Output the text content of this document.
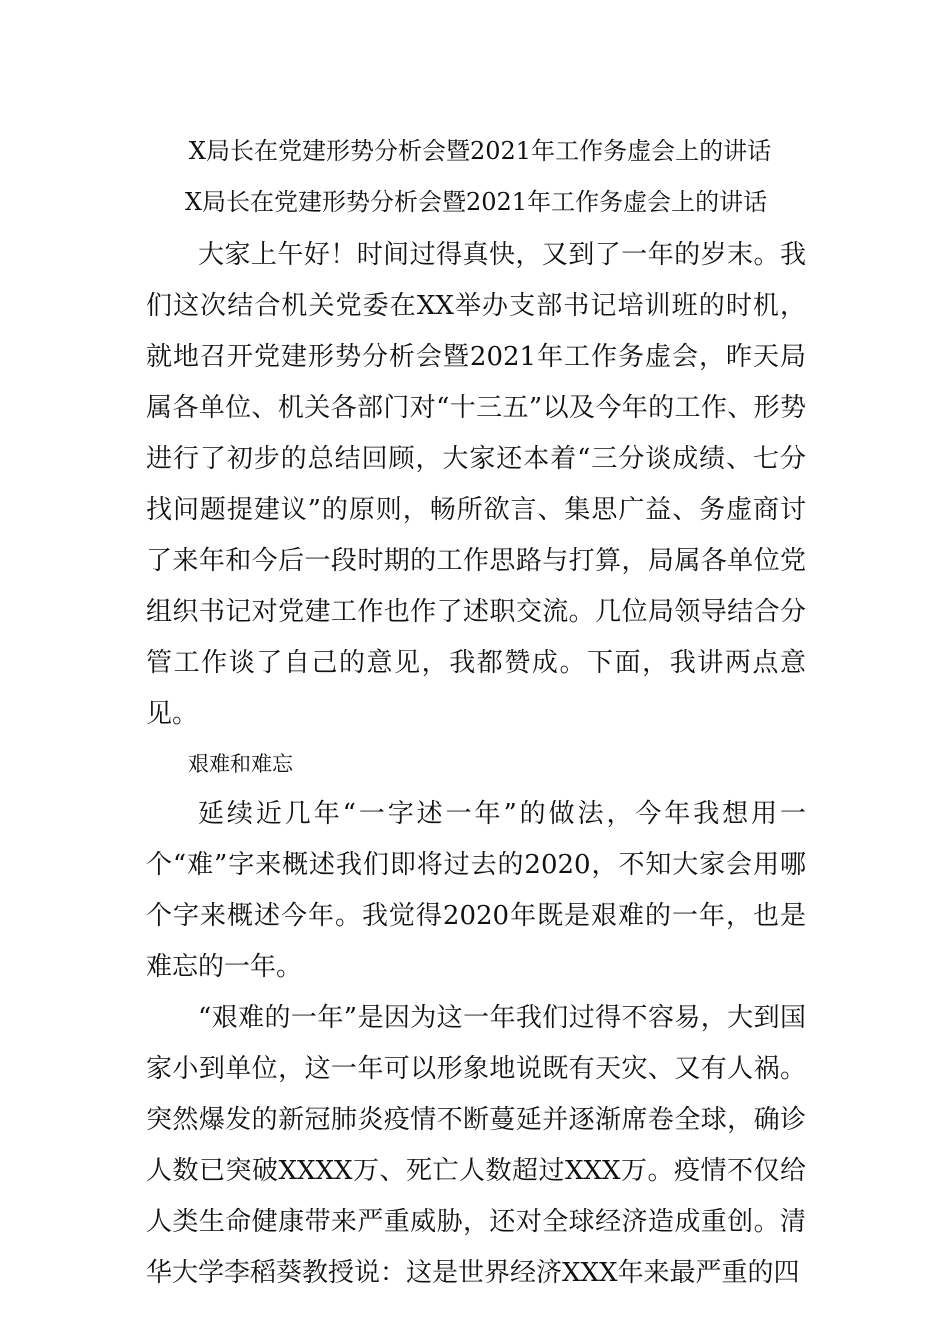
X局长在党建形势分析会暨2021年工作务虚会上的讲话
X局长在党建形势分析会暨2021年工作务虚会上的讲话

大家上午好！时间过得真快，又到了一年的岁末。我们这次结合机关党委在XX举办支部书记培训班的时机，就地召开党建形势分析会暨2021年工作务虚会，昨天局属各单位、机关各部门对“十三五”以及今年的工作、形势进行了初步的总结回顾，大家还本着“三分谈成绩、七分找问题提建议”的原则，畅所欲言、集思广益、务虚商讨了来年和今后一段时期的工作思路与打算，局属各单位党组织书记对党建工作也作了述职交流。几位局领导结合分管工作谈了自己的意见，我都赞成。下面，我讲两点意见。

艰难和难忘

延续近几年“一字述一年”的做法，今年我想用一个“难”字来概述我们即将过去的2020，不知大家会用哪个字来概述今年。我觉得2020年既是艰难的一年，也是难忘的一年。

“艰难的一年”是因为这一年我们过得不容易，大到国家小到单位，这一年可以形象地说既有天灾、又有人祸。突然爆发的新冠肺炎疫情不断蔓延并逐渐席卷全球，确诊人数已突破XXXX万、死亡人数超过XXX万。疫情不仅给人类生命健康带来严重威胁，还对全球经济造成重创。清华大学李稻葵教授说：这是世界经济XXX年来最严重的四
